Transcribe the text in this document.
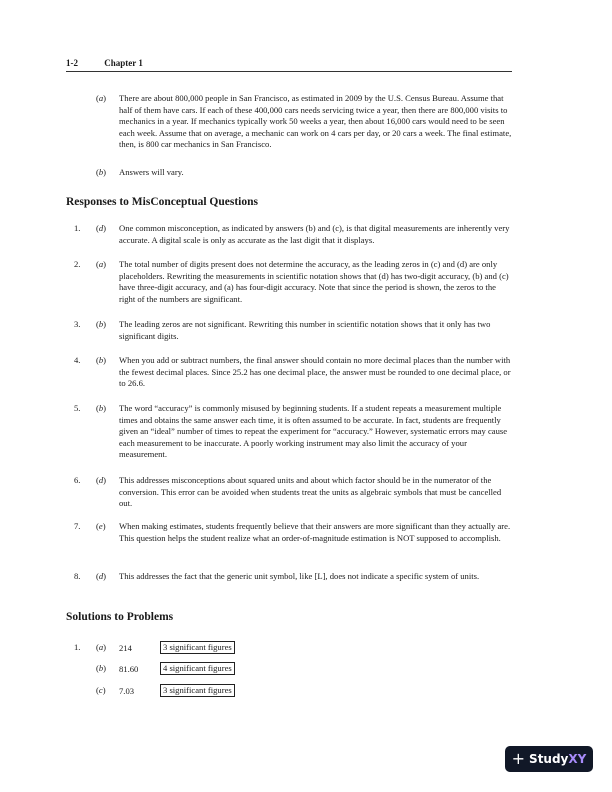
1-2	Chapter 1
(a) There are about 800,000 people in San Francisco, as estimated in 2009 by the U.S. Census Bureau. Assume that half of them have cars. If each of these 400,000 cars needs servicing twice a year, then there are 800,000 visits to mechanics in a year. If mechanics typically work 50 weeks a year, then about 16,000 cars would need to be seen each week. Assume that on average, a mechanic can work on 4 cars per day, or 20 cars a week. The final estimate, then, is 800 car mechanics in San Francisco.
(b) Answers will vary.
Responses to MisConceptual Questions
1. (d) One common misconception, as indicated by answers (b) and (c), is that digital measurements are inherently very accurate. A digital scale is only as accurate as the last digit that it displays.
2. (a) The total number of digits present does not determine the accuracy, as the leading zeros in (c) and (d) are only placeholders. Rewriting the measurements in scientific notation shows that (d) has two-digit accuracy, (b) and (c) have three-digit accuracy, and (a) has four-digit accuracy. Note that since the period is shown, the zeros to the right of the numbers are significant.
3. (b) The leading zeros are not significant. Rewriting this number in scientific notation shows that it only has two significant digits.
4. (b) When you add or subtract numbers, the final answer should contain no more decimal places than the number with the fewest decimal places. Since 25.2 has one decimal place, the answer must be rounded to one decimal place, or to 26.6.
5. (b) The word “accuracy” is commonly misused by beginning students. If a student repeats a measurement multiple times and obtains the same answer each time, it is often assumed to be accurate. In fact, students are frequently given an “ideal” number of times to repeat the experiment for “accuracy.” However, systematic errors may cause each measurement to be inaccurate. A poorly working instrument may also limit the accuracy of your measurement.
6. (d) This addresses misconceptions about squared units and about which factor should be in the numerator of the conversion. This error can be avoided when students treat the units as algebraic symbols that must be cancelled out.
7. (e) When making estimates, students frequently believe that their answers are more significant than they actually are. This question helps the student realize what an order-of-magnitude estimation is NOT supposed to accomplish.
8. (d) This addresses the fact that the generic unit symbol, like [L], does not indicate a specific system of units.
Solutions to Problems
1. (a) 214	3 significant figures
(b) 81.60	4 significant figures
(c) 7.03	3 significant figures
+ StudyXY
